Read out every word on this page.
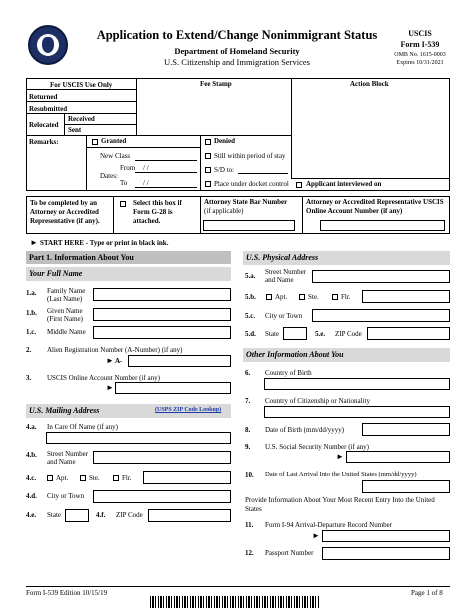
Application to Extend/Change Nonimmigrant Status
Department of Homeland Security
U.S. Citizenship and Immigration Services
USCIS
Form I-539
OMB No. 1615-0003
Expires 10/31/2021
For USCIS Use Only	Fee Stamp	Action Block
Returned
Resubmitted
Relocated
Received
Sent
Remarks:	Granted	Denied
New Class
Dates:
From / /
To / /
Still within period of stay
S/D to:
Place under docket control Applicant interviewed on
To be completed by an Attorney or Accredited Representative (if any).
Select this box if Form G-28 is attached.
Attorney State Bar Number
(if applicable)
Attorney or Accredited Representative USCIS Online Account Number (if any)
► START HERE - Type or print in black ink.
Part 1. Information About You
Your Full Name
1.a. Family Name (Last Name)
1.b. Given Name (First Name)
1.c. Middle Name
2. Alien Registration Number (A-Number) (if any)
► A-
3. USCIS Online Account Number (if any)
►
U.S. Mailing Address	(USPS ZIP Code Lookup)
4.a. In Care Of Name (if any)
4.b. Street Number and Name
4.c.	Apt.	Ste.	Flr.
4.d. City or Town
4.e. State	4.f. ZIP Code
U.S. Physical Address
5.a. Street Number and Name
5.b.	Apt.	Ste.	Flr.
5.c. City or Town
5.d. State	5.e. ZIP Code
Other Information About You
6. Country of Birth
7. Country of Citizenship or Nationality
8. Date of Birth (mm/dd/yyyy)
9. U.S. Social Security Number (if any)
►
10. Date of Last Arrival Into the United States (mm/dd/yyyy)
Provide Information About Your Most Recent Entry Into the United States
11. Form I-94 Arrival-Departure Record Number
►
12. Passport Number
Form I-539 Edition 10/15/19	Page 1 of 8
